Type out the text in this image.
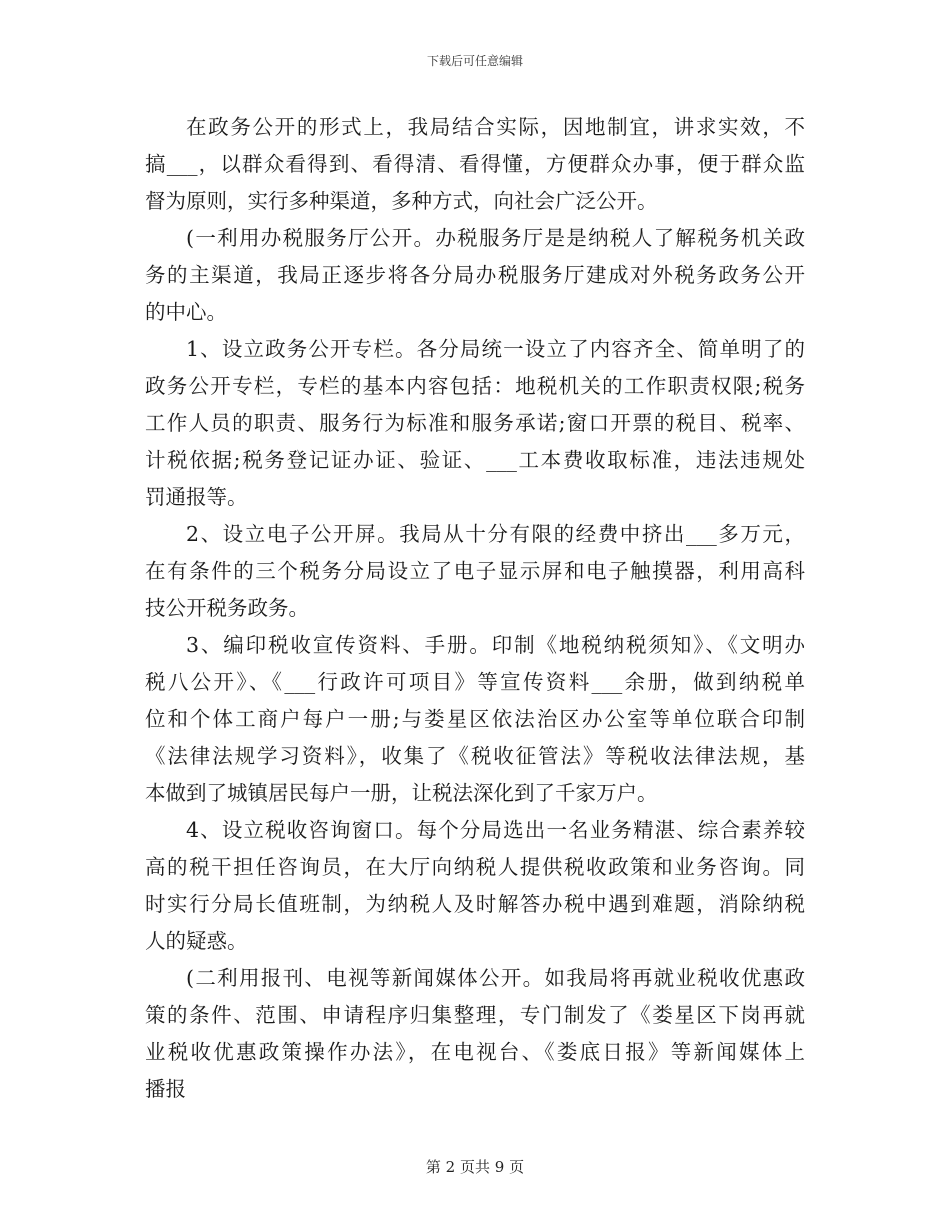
下载后可任意编辑
在政务公开的形式上，我局结合实际，因地制宜，讲求实效，不
搞___，以群众看得到、看得清、看得懂，方便群众办事，便于群众监
督为原则，实行多种渠道，多种方式，向社会广泛公开。
(一利用办税服务厅公开。办税服务厅是是纳税人了解税务机关政
务的主渠道，我局正逐步将各分局办税服务厅建成对外税务政务公开
的中心。
1、设立政务公开专栏。各分局统一设立了内容齐全、简单明了的
政务公开专栏，专栏的基本内容包括：地税机关的工作职责权限;税务
工作人员的职责、服务行为标准和服务承诺;窗口开票的税目、税率、
计税依据;税务登记证办证、验证、___工本费收取标准，违法违规处
罚通报等。
2、设立电子公开屏。我局从十分有限的经费中挤出___多万元，
在有条件的三个税务分局设立了电子显示屏和电子触摸器，利用高科
技公开税务政务。
3、编印税收宣传资料、手册。印制《地税纳税须知》、《文明办
税八公开》、《___行政许可项目》等宣传资料___余册，做到纳税单
位和个体工商户每户一册;与娄星区依法治区办公室等单位联合印制
《法律法规学习资料》，收集了《税收征管法》等税收法律法规，基
本做到了城镇居民每户一册，让税法深化到了千家万户。
4、设立税收咨询窗口。每个分局选出一名业务精湛、综合素养较
高的税干担任咨询员，在大厅向纳税人提供税收政策和业务咨询。同
时实行分局长值班制，为纳税人及时解答办税中遇到难题，消除纳税
人的疑惑。
(二利用报刊、电视等新闻媒体公开。如我局将再就业税收优惠政
策的条件、范围、申请程序归集整理，专门制发了《娄星区下岗再就
业税收优惠政策操作办法》，在电视台、《娄底日报》等新闻媒体上
播报
第 2 页共 9 页
